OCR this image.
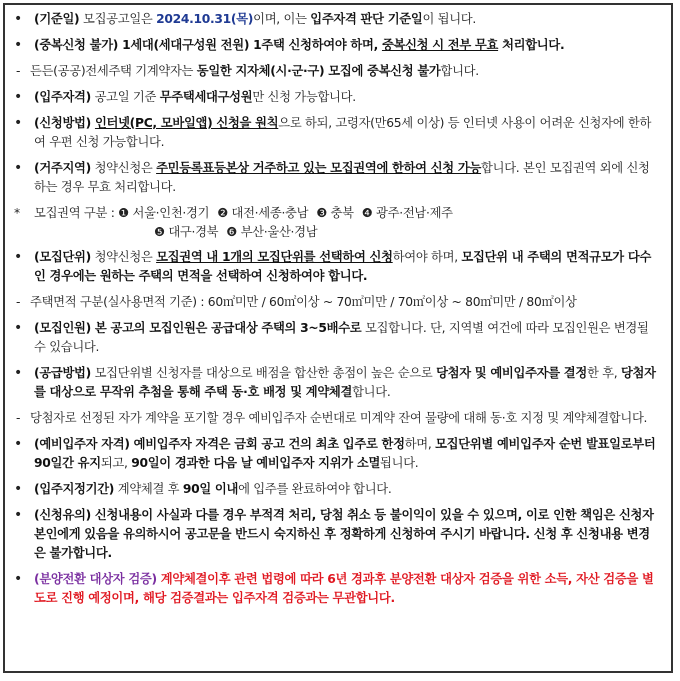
• (기준일) 모집공고일은 2024.10.31(목)이며, 이는 입주자격 판단 기준일이 됩니다.
• (중복신청 불가) 1세대(세대구성원 전원) 1주택 신청하여야 하며, 중복신청 시 전부 무효 처리합니다.
- 든든(공공)전세주택 기계약자는 동일한 지자체(시·군·구) 모집에 중복신청 불가합니다.
• (입주자격) 공고일 기준 무주택세대구성원만 신청 가능합니다.
• (신청방법) 인터넷(PC, 모바일앱) 신청을 원칙으로 하되, 고령자(만65세 이상) 등 인터넷 사용이 어려운 신청자에 한하여 우편 신청 가능합니다.
• (거주지역) 청약신청은 주민등록표등본상 거주하고 있는 모집권역에 한하여 신청 가능합니다. 본인 모집권역 외에 신청하는 경우 무효 처리합니다.
* 모집권역 구분 : ❶ 서울·인천·경기 ❷ 대전·세종·충남 ❸ 충북 ❹ 광주·전남·제주
❺ 대구·경북 ❻ 부산·울산·경남
• (모집단위) 청약신청은 모집권역 내 1개의 모집단위를 선택하여 신청하여야 하며, 모집단위 내 주택의 면적규모가 다수인 경우에는 원하는 주택의 면적을 선택하여 신청하여야 합니다.
- 주택면적 구분(실사용면적 기준) : 60㎡미만 / 60㎡이상 ~ 70㎡미만 / 70㎡이상 ~ 80㎡미만 / 80㎡이상
• (모집인원) 본 공고의 모집인원은 공급대상 주택의 3~5배수로 모집합니다. 단, 지역별 여건에 따라 모집인원은 변경될 수 있습니다.
• (공급방법) 모집단위별 신청자를 대상으로 배점을 합산한 총점이 높은 순으로 당첨자 및 예비입주자를 결정한 후, 당첨자를 대상으로 무작위 추첨을 통해 주택 동·호 배정 및 계약체결합니다.
- 당첨자로 선정된 자가 계약을 포기할 경우 예비입주자 순번대로 미계약 잔여 물량에 대해 동·호 지정 및 계약체결합니다.
• (예비입주자 자격) 예비입주자 자격은 금회 공고 건의 최초 입주로 한정하며, 모집단위별 예비입주자 순번 발표일로부터 90일간 유지되고, 90일이 경과한 다음 날 예비입주자 지위가 소멸됩니다.
• (입주지정기간) 계약체결 후 90일 이내에 입주를 완료하여야 합니다.
• (신청유의) 신청내용이 사실과 다를 경우 부적격 처리, 당첨 취소 등 불이익이 있을 수 있으며, 이로 인한 책임은 신청자 본인에게 있음을 유의하시어 공고문을 반드시 숙지하신 후 정확하게 신청하여 주시기 바랍니다. 신청 후 신청내용 변경은 불가합니다.
• (분양전환 대상자 검증) 계약체결이후 관련 법령에 따라 6년 경과후 분양전환 대상자 검증을 위한 소득, 자산 검증을 별도로 진행 예정이며, 해당 검증결과는 입주자격 검증과는 무관합니다.
